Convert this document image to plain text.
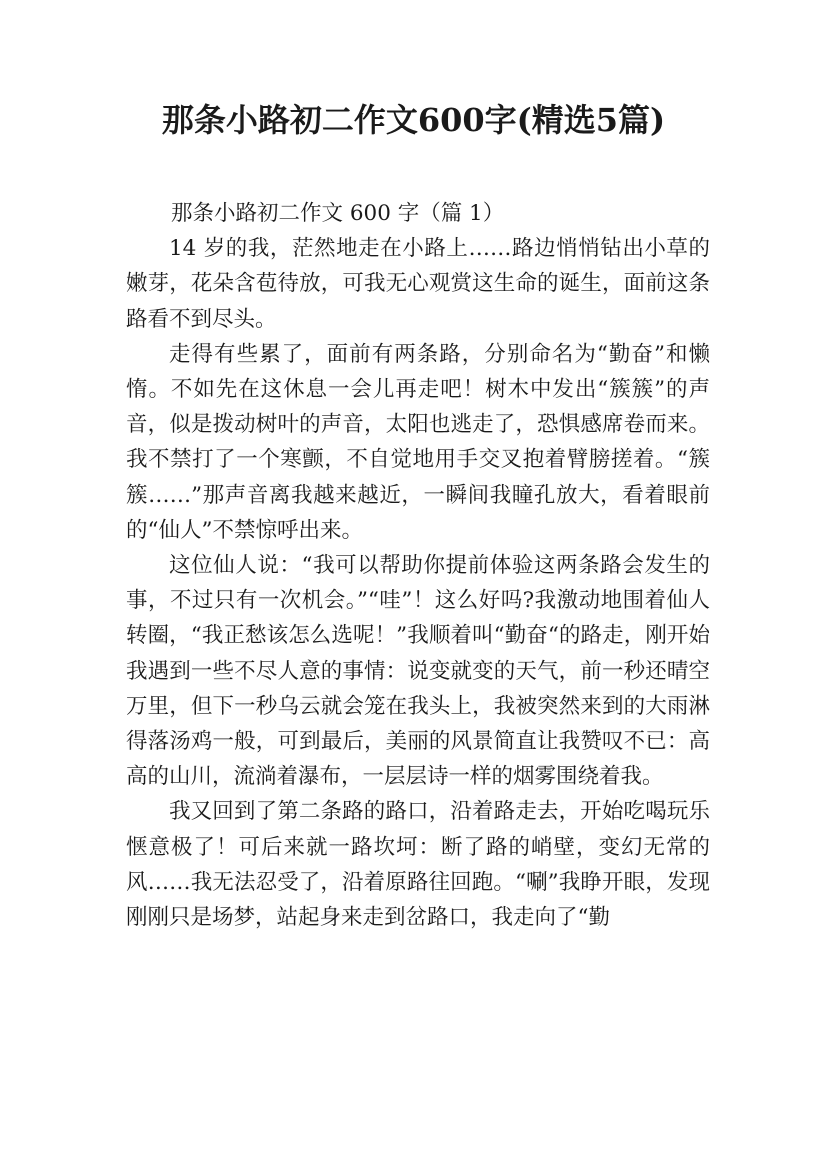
那条小路初二作文600字(精选5篇)
那条小路初二作文 600 字（篇 1）

14 岁的我，茫然地走在小路上……路边悄悄钻出小草的嫩芽，花朵含苞待放，可我无心观赏这生命的诞生，面前这条路看不到尽头。

走得有些累了，面前有两条路，分别命名为“勤奋”和懒惰。不如先在这休息一会儿再走吧！树木中发出“簇簇”的声音，似是拨动树叶的声音，太阳也逃走了，恐惧感席卷而来。我不禁打了一个寒颤，不自觉地用手交叉抱着臂膀搓着。“簇簇……”那声音离我越来越近，一瞬间我瞳孔放大，看着眼前的“仙人”不禁惊呼出来。

这位仙人说：“我可以帮助你提前体验这两条路会发生的事，不过只有一次机会。”“哇”！这么好吗?我激动地围着仙人转圈，“我正愁该怎么选呢！”我顺着叫“勤奋“的路走，刚开始我遇到一些不尽人意的事情：说变就变的天气，前一秒还晴空万里，但下一秒乌云就会笼在我头上，我被突然来到的大雨淋得落汤鸡一般，可到最后，美丽的风景简直让我赞叹不已：高高的山川，流淌着瀑布，一层层诗一样的烟雾围绕着我。

我又回到了第二条路的路口，沿着路走去，开始吃喝玩乐惬意极了！可后来就一路坎坷：断了路的峭壁，变幻无常的风……我无法忍受了，沿着原路往回跑。“唰”我睁开眼，发现刚刚只是场梦，站起身来走到岔路口，我走向了“勤
